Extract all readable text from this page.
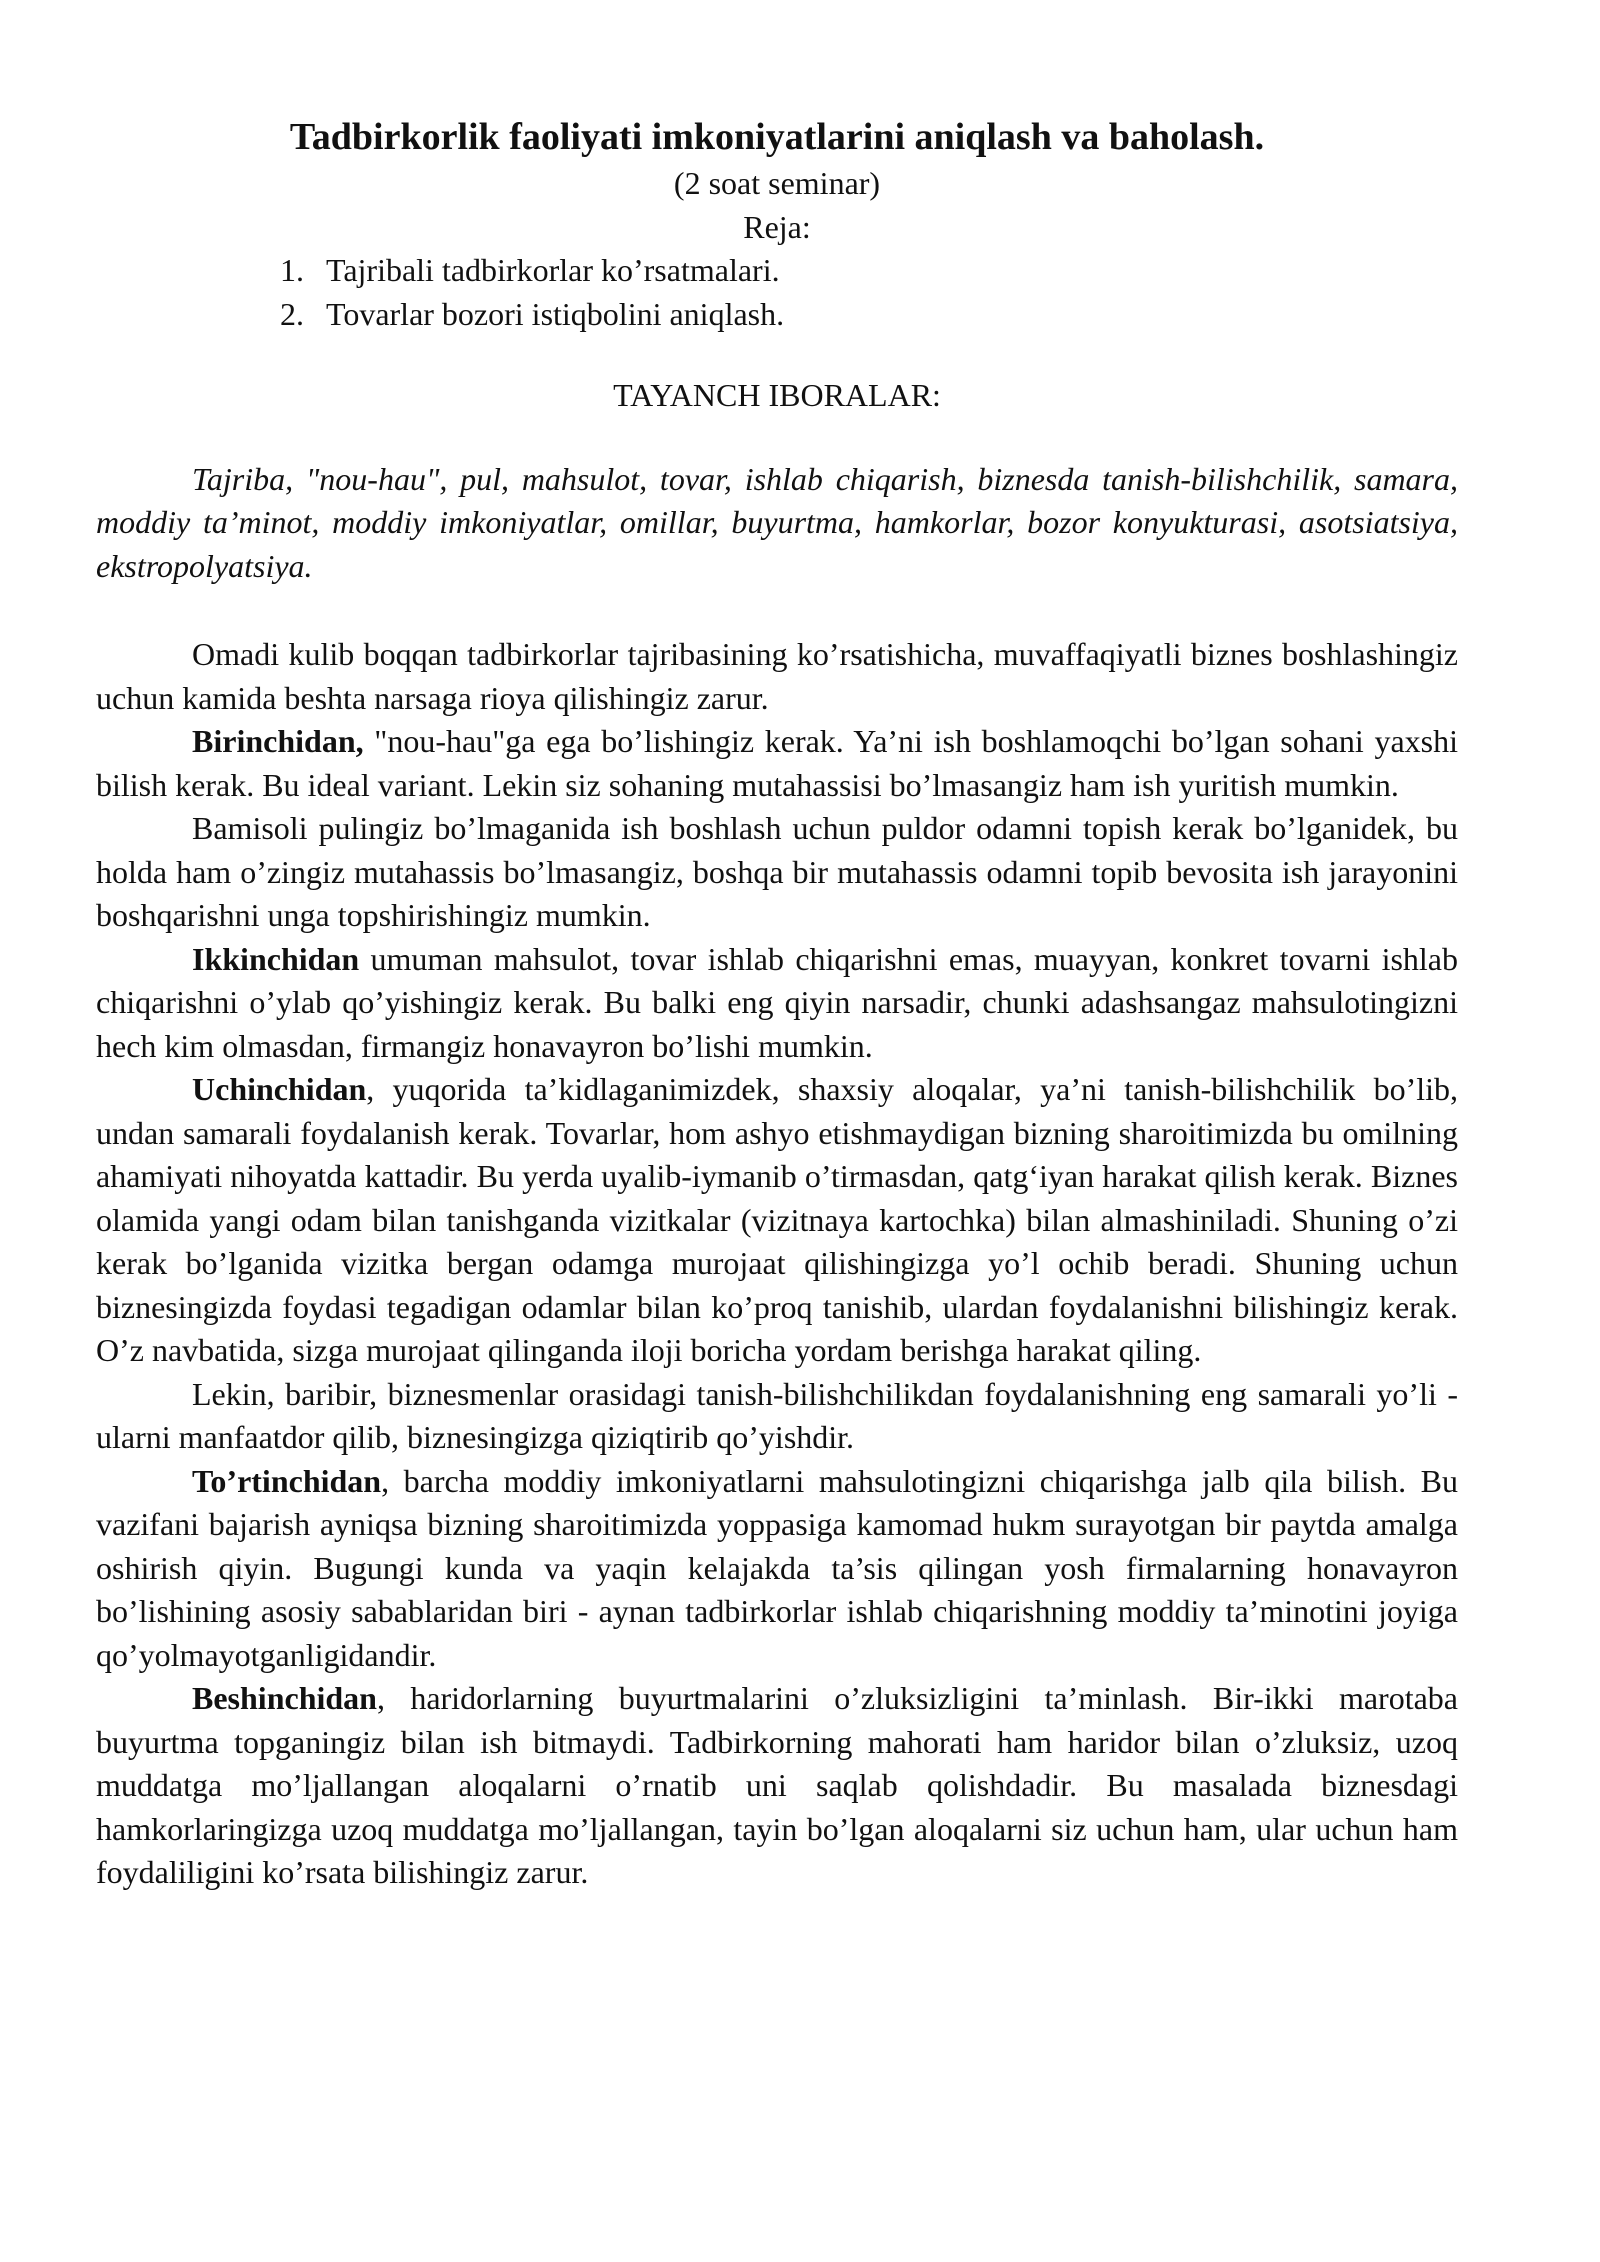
Tadbirkorlik faoliyati imkoniyatlarini aniqlash va baholash.

(2 soat seminar)

Reja:

1. Tajribali tadbirkorlar ko’rsatmalari.
2. Tovarlar bozori istiqbolini aniqlash.

TAYANCH IBORALAR:

Tajriba, "nou-hau", pul, mahsulot, tovar, ishlab chiqarish, biznesda tanish-bilishchilik, samara, moddiy ta’minot, moddiy imkoniyatlar, omillar, buyurtma, hamkorlar, bozor konyukturasi, asotsiatsiya, ekstropolyatsiya.

Omadi kulib boqqan tadbirkorlar tajribasining ko’rsatishicha, muvaffaqiyatli biznes boshlashingiz uchun kamida beshta narsaga rioya qilishingiz zarur.

Birinchidan, "nou-hau"ga ega bo’lishingiz kerak. Ya’ni ish boshlamoqchi bo’lgan sohani yaxshi bilish kerak. Bu ideal variant. Lekin siz sohaning mutahassisi bo’lmasangiz ham ish yuritish mumkin.

Bamisoli pulingiz bo’lmaganida ish boshlash uchun puldor odamni topish kerak bo’lganidek, bu holda ham o’zingiz mutahassis bo’lmasangiz, boshqa bir mutahassis odamni topib bevosita ish jarayonini boshqarishni unga topshirishingiz mumkin.

Ikkinchidan umuman mahsulot, tovar ishlab chiqarishni emas, muayyan, konkret tovarni ishlab chiqarishni o’ylab qo’yishingiz kerak. Bu balki eng qiyin narsadir, chunki adashsangaz mahsulotingizni hech kim olmasdan, firmangiz honavayron bo’lishi mumkin.

Uchinchidan, yuqorida ta’kidlaganimizdek, shaxsiy aloqalar, ya’ni tanish-bilishchilik bo’lib, undan samarali foydalanish kerak. Tovarlar, hom ashyo etishmaydigan bizning sharoitimizda bu omilning ahamiyati nihoyatda kattadir. Bu yerda uyalib-iymanib o’tirmasdan, qatg‘iyan harakat qilish kerak. Biznes olamida yangi odam bilan tanishganda vizitkalar (vizitnaya kartochka) bilan almashiniladi. Shuning o’zi kerak bo’lganida vizitka bergan odamga murojaat qilishingizga yo’l ochib beradi. Shuning uchun biznesingizda foydasi tegadigan odamlar bilan ko’proq tanishib, ulardan foydalanishni bilishingiz kerak. O’z navbatida, sizga murojaat qilinganda iloji boricha yordam berishga harakat qiling.

Lekin, baribir, biznesmenlar orasidagi tanish-bilishchilikdan foydalanishning eng samarali yo’li - ularni manfaatdor qilib, biznesingizga qiziqtirib qo’yishdir.

To’rtinchidan, barcha moddiy imkoniyatlarni mahsulotingizni chiqarishga jalb qila bilish. Bu vazifani bajarish ayniqsa bizning sharoitimizda yoppasiga kamomad hukm surayotgan bir paytda amalga oshirish qiyin. Bugungi kunda va yaqin kelajakda ta’sis qilingan yosh firmalarning honavayron bo’lishining asosiy sabablaridan biri - aynan tadbirkorlar ishlab chiqarishning moddiy ta’minotini joyiga qo’yolmayotganligidandir.

Beshinchidan, haridorlarning buyurtmalarini o’zluksizligini ta’minlash. Bir-ikki marotaba buyurtma topganingiz bilan ish bitmaydi. Tadbirkorning mahorati ham haridor bilan o’zluksiz, uzoq muddatga mo’ljallangan aloqalarni o’rnatib uni saqlab qolishdadir. Bu masalada biznesdagi hamkorlaringizga uzoq muddatga mo’ljallangan, tayin bo’lgan aloqalarni siz uchun ham, ular uchun ham foydaliligini ko’rsata bilishingiz zarur.
